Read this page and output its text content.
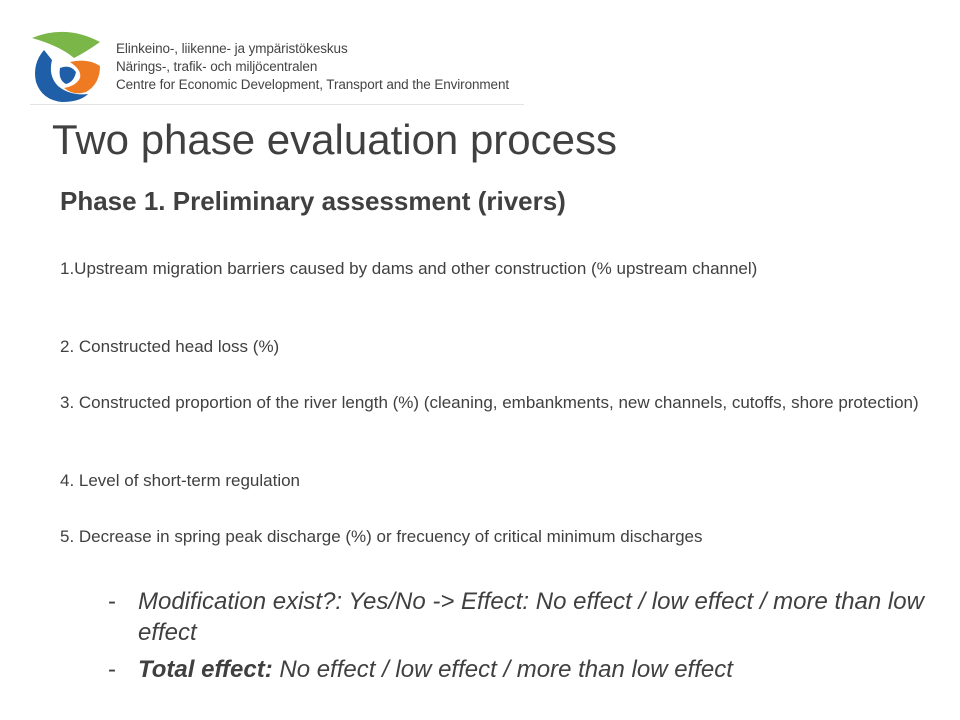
Elinkeino-, liikenne- ja ympäristökeskus
Närings-, trafik- och miljöcentralen
Centre for Economic Development, Transport and the Environment
Two phase evaluation process
Phase 1. Preliminary assessment (rivers)

1.Upstream migration barriers caused by dams and other construction (% upstream channel)

2. Constructed head loss (%)

3. Constructed proportion of the river length (%) (cleaning, embankments, new channels, cutoffs, shore protection)

4. Level of short-term regulation

5. Decrease in spring peak discharge (%) or frecuency of critical minimum discharges

- Modification exist?: Yes/No -> Effect: No effect / low effect / more than low effect
- Total effect: No effect / low effect / more than low effect
